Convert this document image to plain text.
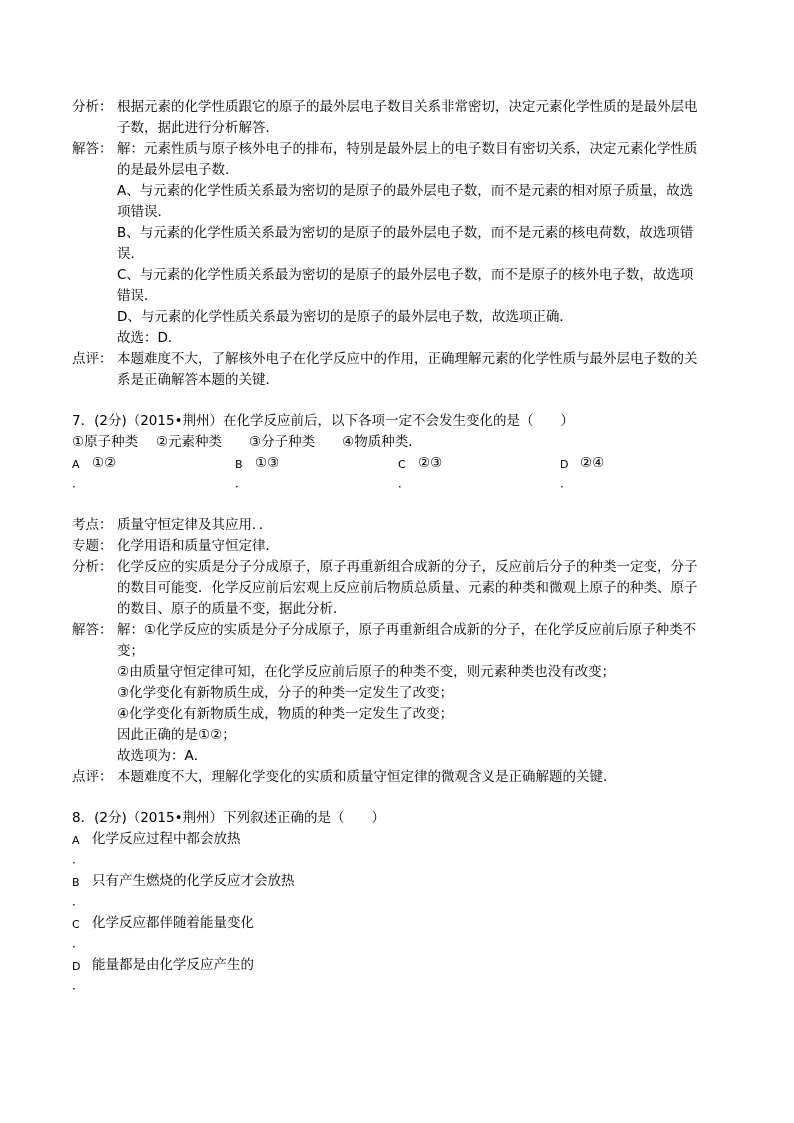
分析： 根据元素的化学性质跟它的原子的最外层电子数目关系非常密切，决定元素化学性质的是最外层电
子数，据此进行分析解答．
解答： 解：元素性质与原子核外电子的排布，特别是最外层上的电子数目有密切关系，决定元素化学性质
的是最外层电子数．
A、与元素的化学性质关系最为密切的是原子的最外层电子数，而不是元素的相对原子质量，故选
项错误．
B、与元素的化学性质关系最为密切的是原子的最外层电子数，而不是元素的核电荷数，故选项错
误．
C、与元素的化学性质关系最为密切的是原子的最外层电子数，而不是原子的核外电子数，故选项
错误．
D、与元素的化学性质关系最为密切的是原子的最外层电子数，故选项正确．
故选：D．
点评： 本题难度不大，了解核外电子在化学反应中的作用，正确理解元素的化学性质与最外层电子数的关
系是正确解答本题的关键．
7．(2分)（2015•荆州）在化学反应前后，以下各项一定不会发生变化的是（　　）
①原子种类　 ②元素种类　　③分子种类　　④物质种类．
A ①②
．
B ①③
．
C ②③
．
D ②④
．
考点： 质量守恒定律及其应用．．
专题： 化学用语和质量守恒定律．
分析： 化学反应的实质是分子分成原子，原子再重新组合成新的分子，反应前后分子的种类一定变，分子
的数目可能变．化学反应前后宏观上反应前后物质总质量、元素的种类和微观上原子的种类、原子
的数目、原子的质量不变，据此分析．
解答： 解：①化学反应的实质是分子分成原子，原子再重新组合成新的分子，在化学反应前后原子种类不
变；
②由质量守恒定律可知，在化学反应前后原子的种类不变，则元素种类也没有改变；
③化学变化有新物质生成，分子的种类一定发生了改变；
④化学变化有新物质生成，物质的种类一定发生了改变；
因此正确的是①②；
故选项为：A．
点评： 本题难度不大，理解化学变化的实质和质量守恒定律的微观含义是正确解题的关键．
8．(2分)（2015•荆州）下列叙述正确的是（　　）
A 化学反应过程中都会放热
．
B 只有产生燃烧的化学反应才会放热
．
C 化学反应都伴随着能量变化
．
D 能量都是由化学反应产生的
．
